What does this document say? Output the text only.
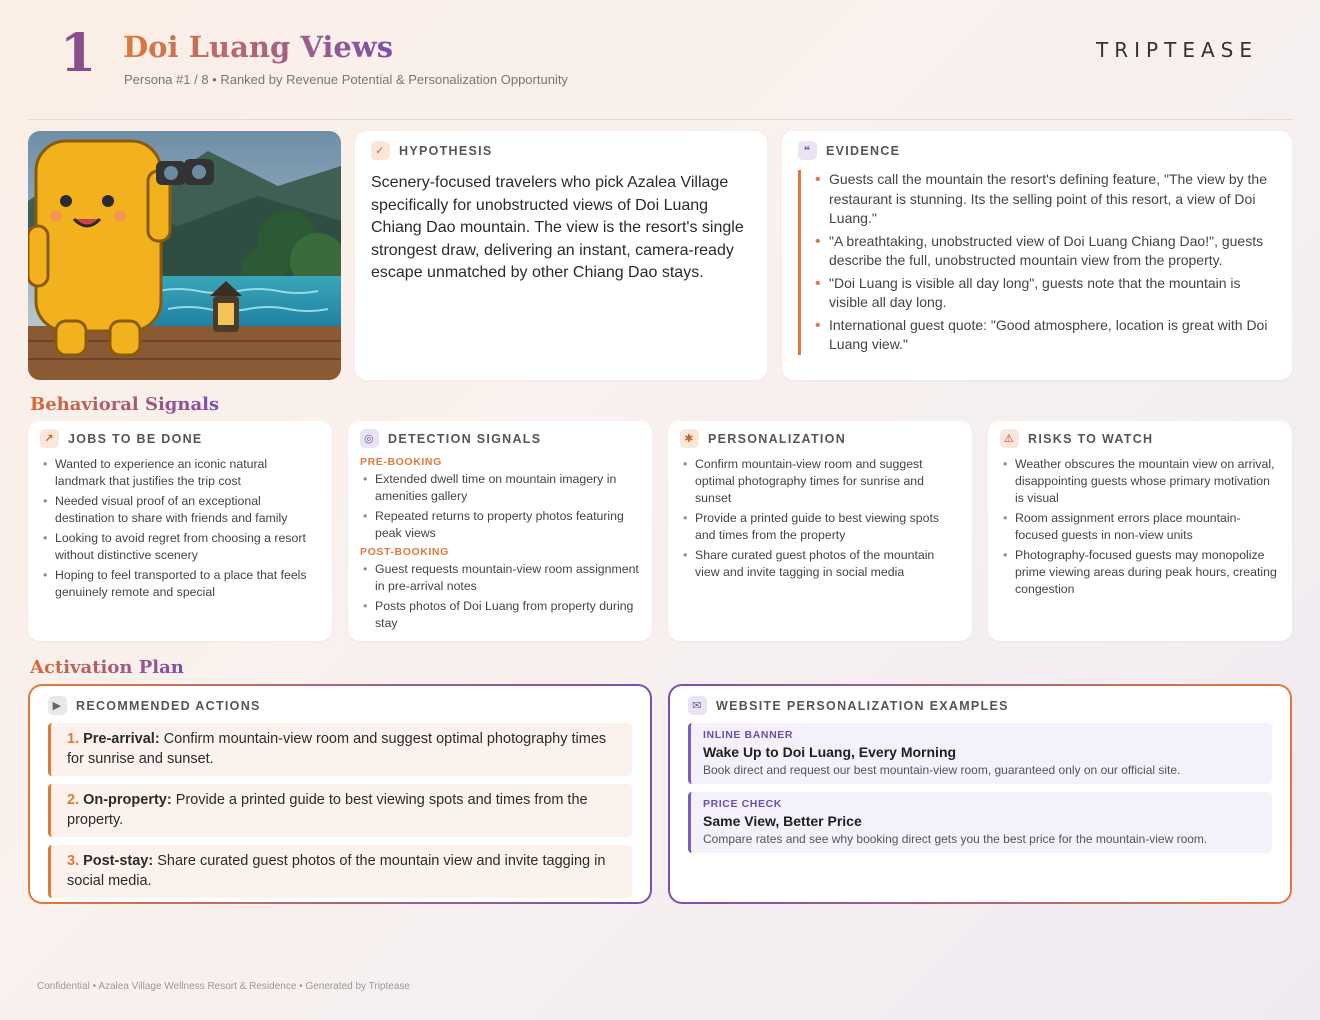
1 Doi Luang Views
Persona #1 / 8 • Ranked by Revenue Potential & Personalization Opportunity
TRIPTEASE
✓	HYPOTHESIS
Scenery-focused travelers who pick Azalea Village specifically for unobstructed views of Doi Luang Chiang Dao mountain. The view is the resort's single strongest draw, delivering an instant, camera-ready escape unmatched by other Chiang Dao stays.
❝	EVIDENCE
• Guests call the mountain the resort's defining feature, "The view by the restaurant is stunning. Its the selling point of this resort, a view of Doi Luang."
• "A breathtaking, unobstructed view of Doi Luang Chiang Dao!", guests describe the full, unobstructed mountain view from the property.
• "Doi Luang is visible all day long", guests note that the mountain is visible all day long.
• International guest quote: "Good atmosphere, location is great with Doi Luang view."
Behavioral Signals
↗	JOBS TO BE DONE
• Wanted to experience an iconic natural landmark that justifies the trip cost
• Needed visual proof of an exceptional destination to share with friends and family
• Looking to avoid regret from choosing a resort without distinctive scenery
• Hoping to feel transported to a place that feels genuinely remote and special
◎	DETECTION SIGNALS
PRE-BOOKING
• Extended dwell time on mountain imagery in amenities gallery
• Repeated returns to property photos featuring peak views
POST-BOOKING
• Guest requests mountain-view room assignment in pre-arrival notes
• Posts photos of Doi Luang from property during stay
✱	PERSONALIZATION
• Confirm mountain-view room and suggest optimal photography times for sunrise and sunset
• Provide a printed guide to best viewing spots and times from the property
• Share curated guest photos of the mountain view and invite tagging in social media
⚠	RISKS TO WATCH
• Weather obscures the mountain view on arrival, disappointing guests whose primary motivation is visual
• Room assignment errors place mountain-focused guests in non-view units
• Photography-focused guests may monopolize prime viewing areas during peak hours, creating congestion
Activation Plan
▶	RECOMMENDED ACTIONS
1. Pre-arrival: Confirm mountain-view room and suggest optimal photography times for sunrise and sunset.
2. On-property: Provide a printed guide to best viewing spots and times from the property.
3. Post-stay: Share curated guest photos of the mountain view and invite tagging in social media.
✉	WEBSITE PERSONALIZATION EXAMPLES
INLINE BANNER
Wake Up to Doi Luang, Every Morning
Book direct and request our best mountain-view room, guaranteed only on our official site.
PRICE CHECK
Same View, Better Price
Compare rates and see why booking direct gets you the best price for the mountain-view room.
Confidential • Azalea Village Wellness Resort & Residence • Generated by Triptease
